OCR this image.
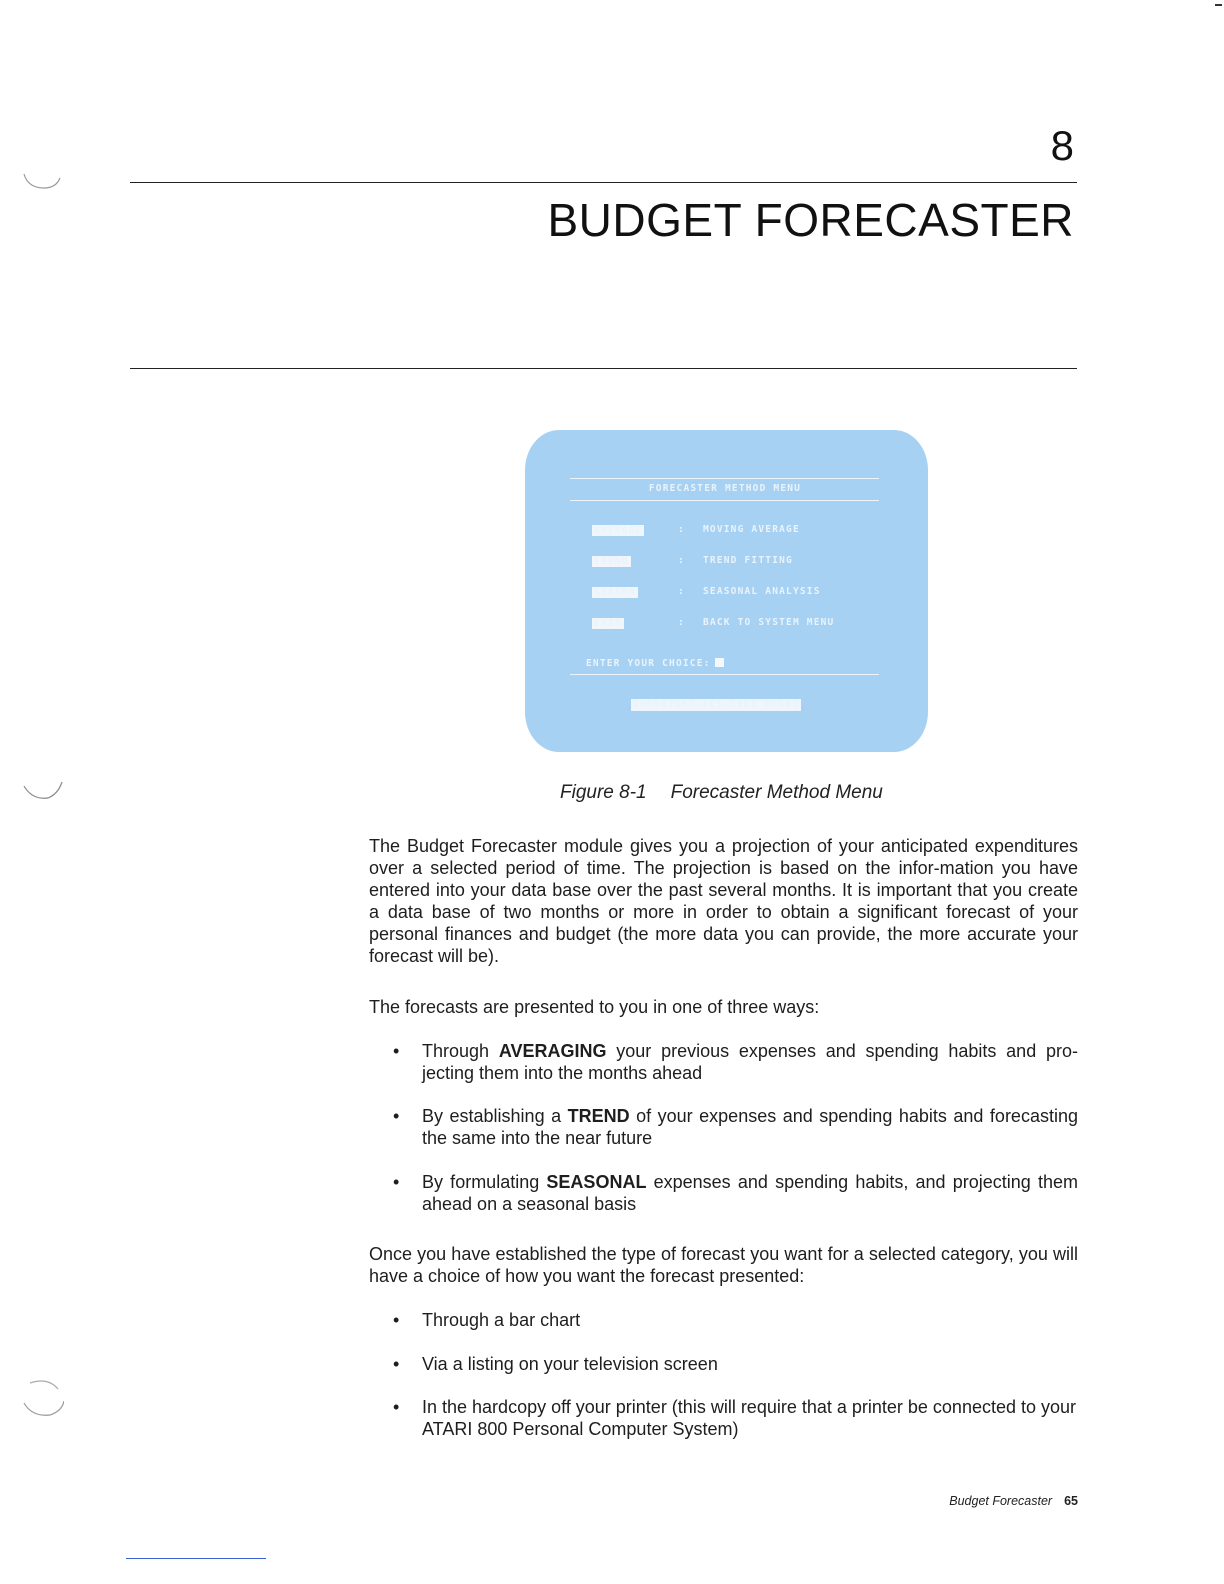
8
BUDGET FORECASTER
FORECASTER METHOD MENU
AVERAGE	: MOVING AVERAGE
TREND	: TREND FITTING
SEASON	: SEASONAL ANALYSIS
EXIT	: BACK TO SYSTEM MENU
ENTER YOUR CHOICE:
COPYRIGHT (C) 1981 ATARI
Figure 8-1 Forecaster Method Menu
The Budget Forecaster module gives you a projection of your anticipated expenditures over a selected period of time. The projection is based on the infor-mation you have entered into your data base over the past several months. It is important that you create a data base of two months or more in order to obtain a significant forecast of your personal finances and budget (the more data you can provide, the more accurate your forecast will be).
The forecasts are presented to you in one of three ways:
• Through AVERAGING your previous expenses and spending habits and pro-jecting them into the months ahead
• By establishing a TREND of your expenses and spending habits and forecasting the same into the near future
• By formulating SEASONAL expenses and spending habits, and projecting them ahead on a seasonal basis
Once you have established the type of forecast you want for a selected category, you will have a choice of how you want the forecast presented:
• Through a bar chart
• Via a listing on your television screen
• In the hardcopy off your printer (this will require that a printer be connected to your ATARI 800 Personal Computer System)
Budget Forecaster 65
